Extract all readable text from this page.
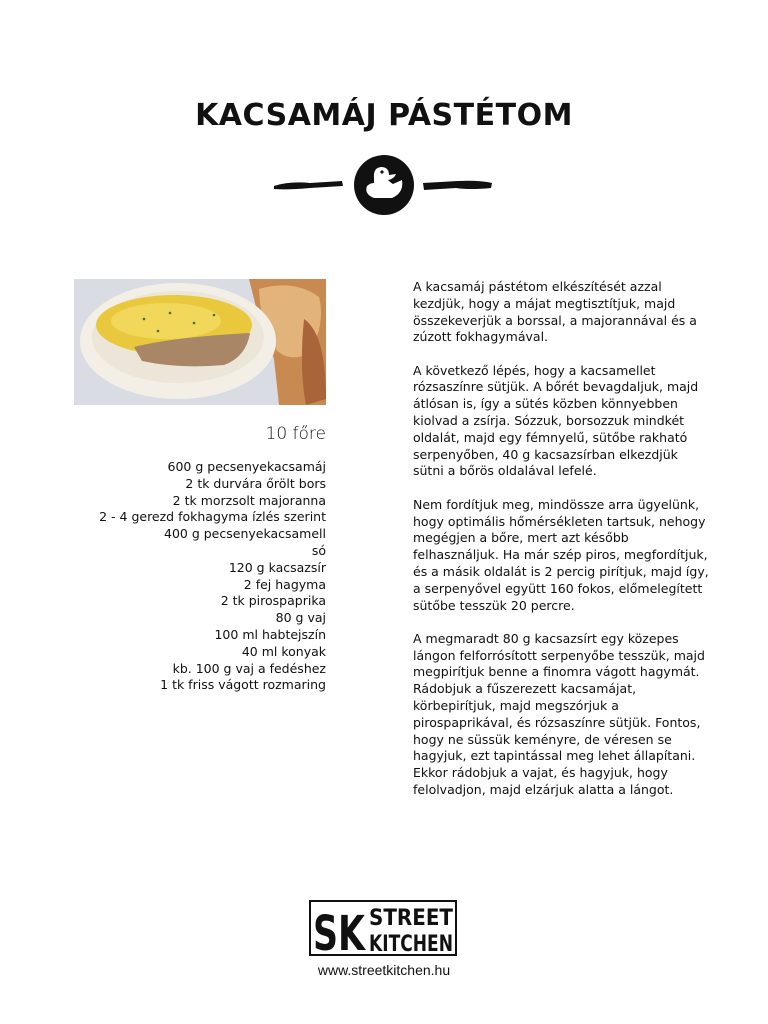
KACSAMÁJ PÁSTÉTOM
10 főre
600 g pecsenyekacsamáj
2 tk durvára őrölt bors
2 tk morzsolt majoranna
2 - 4 gerezd fokhagyma ízlés szerint
400 g pecsenyekacsamell
só
120 g kacsazsír
2 fej hagyma
2 tk pirospaprika
80 g vaj
100 ml habtejszín
40 ml konyak
kb. 100 g vaj a fedéshez
1 tk friss vágott rozmaring

A kacsamáj pástétom elkészítését azzal kezdjük, hogy a májat megtisztítjuk, majd összekeverjük a borssal, a majorannával és a zúzott fokhagymával.

A következő lépés, hogy a kacsamellet rózsaszínre sütjük. A bőrét bevagdaljuk, majd átlósan is, így a sütés közben könnyebben kiolvad a zsírja. Sózzuk, borsozzuk mindkét oldalát, majd egy fémnyelű, sütőbe rakható serpenyőben, 40 g kacsazsírban elkezdjük sütni a bőrös oldalával lefelé.

Nem fordítjuk meg, mindössze arra ügyelünk, hogy optimális hőmérsékleten tartsuk, nehogy megégjen a bőre, mert azt később felhasználjuk. Ha már szép piros, megfordítjuk, és a másik oldalát is 2 percig pirítjuk, majd így, a serpenyővel együtt 160 fokos, előmelegített sütőbe tesszük 20 percre.

A megmaradt 80 g kacsazsírt egy közepes lángon felforrósított serpenyőbe tesszük, majd megpirítjuk benne a finomra vágott hagymát. Rádobjuk a fűszerezett kacsamájat, körbepirítjuk, majd megszórjuk a pirospaprikával, és rózsaszínre sütjük. Fontos, hogy ne süssük keményre, de véresen se hagyjuk, ezt tapintással meg lehet állapítani. Ekkor rádobjuk a vajat, és hagyjuk, hogy felolvadjon, majd elzárjuk alatta a lángot.

SK STREET
KITCHEN
www.streetkitchen.hu
